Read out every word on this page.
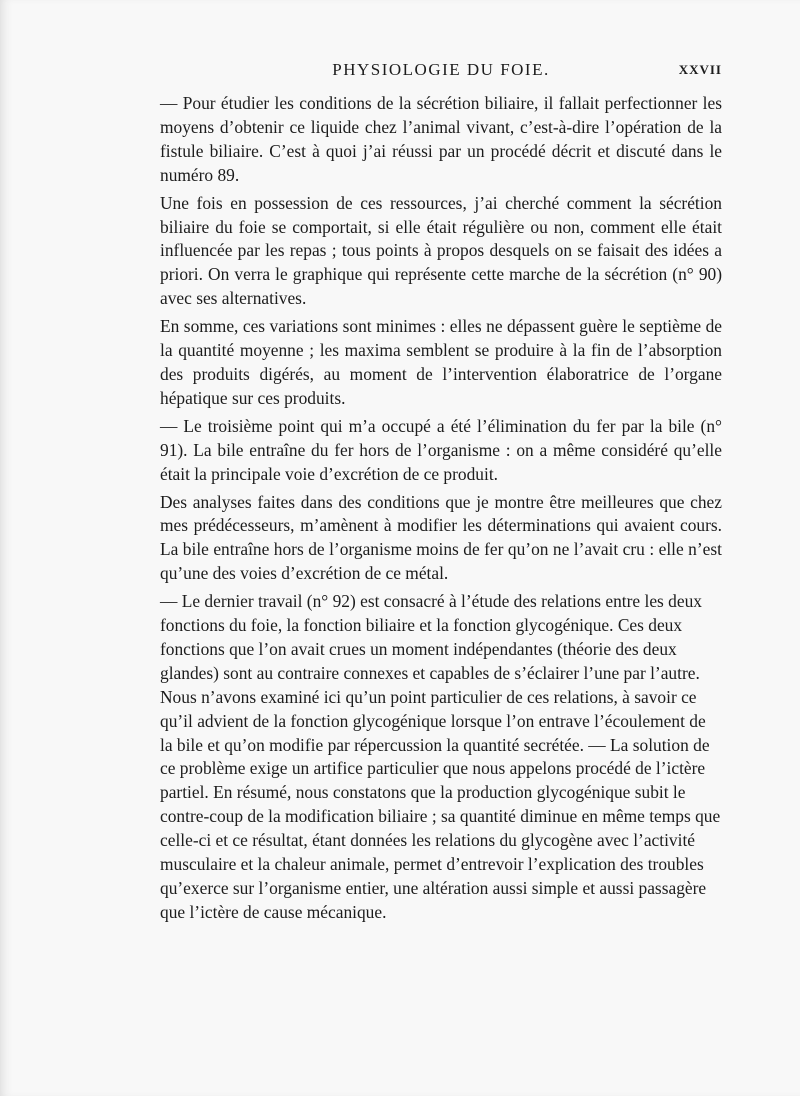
PHYSIOLOGIE DU FOIE.	XXVII

— Pour étudier les conditions de la sécrétion biliaire, il fallait perfectionner les moyens d’obtenir ce liquide chez l’animal vivant, c’est-à-dire l’opération de la fistule biliaire. C’est à quoi j’ai réussi par un procédé décrit et discuté dans le numéro 89.

Une fois en possession de ces ressources, j’ai cherché comment la sécrétion biliaire du foie se comportait, si elle était régulière ou non, comment elle était influencée par les repas ; tous points à propos desquels on se faisait des idées a priori. On verra le graphique qui représente cette marche de la sécrétion (n° 90) avec ses alternatives.

En somme, ces variations sont minimes : elles ne dépassent guère le septième de la quantité moyenne ; les maxima semblent se produire à la fin de l’absorption des produits digérés, au moment de l’intervention élaboratrice de l’organe hépatique sur ces produits.

— Le troisième point qui m’a occupé a été l’élimination du fer par la bile (n° 91). La bile entraîne du fer hors de l’organisme : on a même considéré qu’elle était la principale voie d’excrétion de ce produit.

Des analyses faites dans des conditions que je montre être meilleures que chez mes prédécesseurs, m’amènent à modifier les déterminations qui avaient cours. La bile entraîne hors de l’organisme moins de fer qu’on ne l’avait cru : elle n’est qu’une des voies d’excrétion de ce métal.

— Le dernier travail (n° 92) est consacré à l’étude des relations entre les deux fonctions du foie, la fonction biliaire et la fonction glycogénique. Ces deux fonctions que l’on avait crues un moment indépendantes (théorie des deux glandes) sont au contraire connexes et capables de s’éclairer l’une par l’autre. Nous n’avons examiné ici qu’un point particulier de ces relations, à savoir ce qu’il advient de la fonction glycogénique lorsque l’on entrave l’écoulement de la bile et qu’on modifie par répercussion la quantité secrétée. — La solution de ce problème exige un artifice particulier que nous appelons procédé de l’ictère partiel. En résumé, nous constatons que la production glycogénique subit le contre-coup de la modification biliaire ; sa quantité diminue en même temps que celle-ci et ce résultat, étant données les relations du glycogène avec l’activité musculaire et la chaleur animale, permet d’entrevoir l’explication des troubles qu’exerce sur l’organisme entier, une altération aussi simple et aussi passagère que l’ictère de cause mécanique.
